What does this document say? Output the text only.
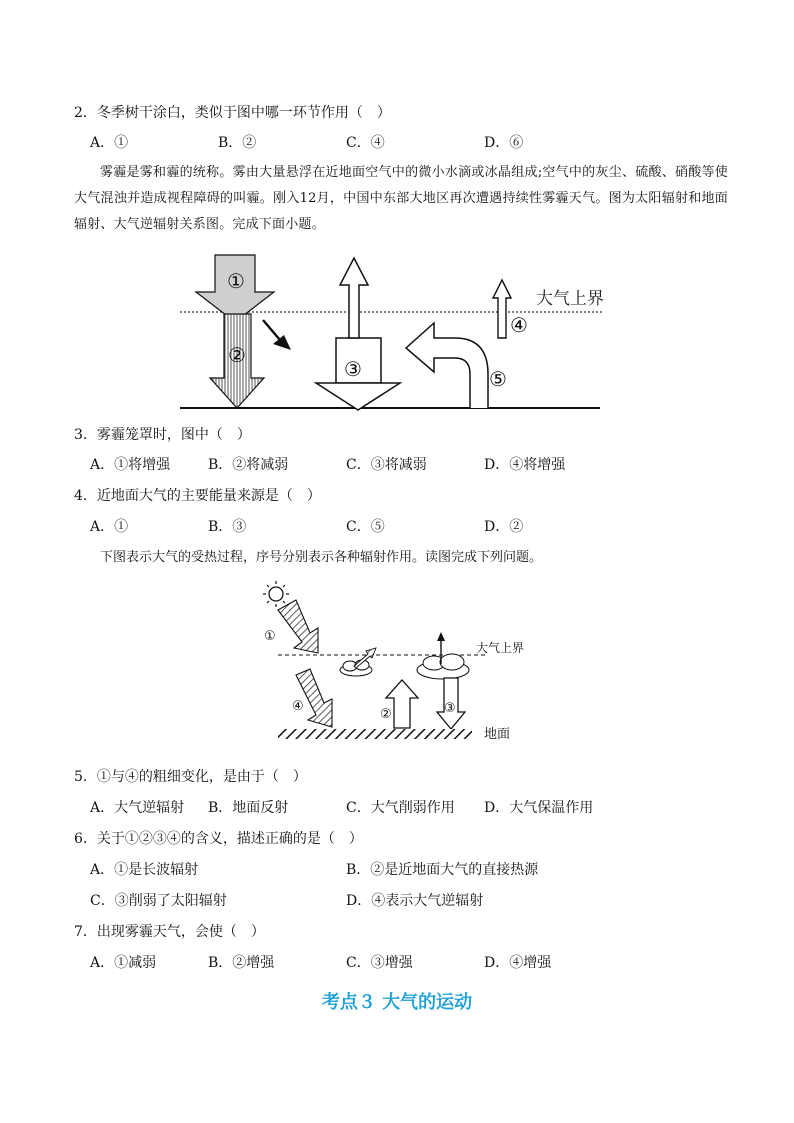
2．冬季树干涂白，类似于图中哪一环节作用（　）
A．①	B．②	C．④	D．⑥
雾霾是雾和霾的统称。雾由大量悬浮在近地面空气中的微小水滴或冰晶组成;空气中的灰尘、硫酸、硝酸等使大气混浊并造成视程障碍的叫霾。刚入12月，中国中东部大地区再次遭遇持续性雾霾天气。图为太阳辐射和地面辐射、大气逆辐射关系图。完成下面小题。
①
②
③
④
⑤
大气上界
3．雾霾笼罩时，图中（　）
A．①将增强	B．②将减弱	C．③将减弱	D．④将增强
4．近地面大气的主要能量来源是（　）
A．①	B．③	C．⑤	D．②
下图表示大气的受热过程，序号分别表示各种辐射作用。读图完成下列问题。
①
②	③
④
大气上界
地面
5．①与④的粗细变化，是由于（　）
A．大气逆辐射 B．地面反射	C．大气削弱作用 D．大气保温作用
6．关于①②③④的含义，描述正确的是（　）
A．①是长波辐射	B．②是近地面大气的直接热源
C．③削弱了太阳辐射	D．④表示大气逆辐射
7．出现雾霾天气，会使（　）
A．①减弱	B．②增强	C．③增强	D．④增强
考点３ 大气的运动
